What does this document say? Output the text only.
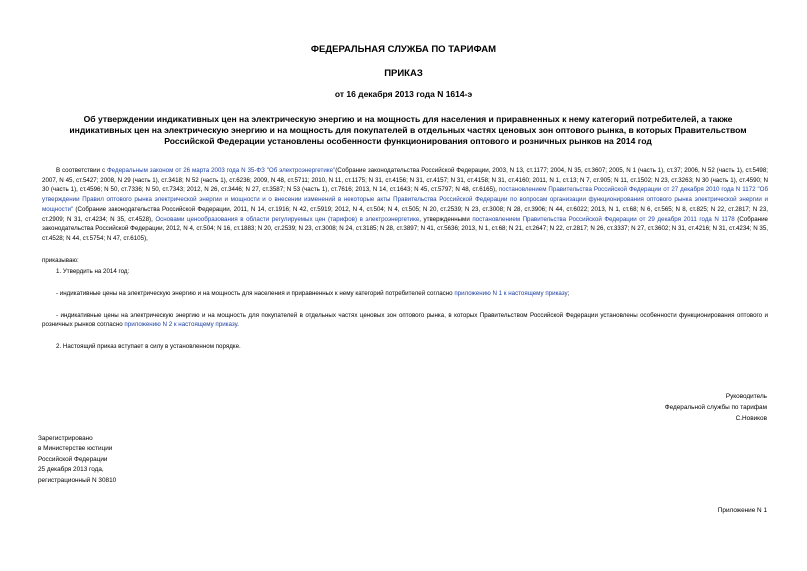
ФЕДЕРАЛЬНАЯ СЛУЖБА ПО ТАРИФАМ
ПРИКАЗ
от 16 декабря 2013 года N 1614-э
Об утверждении индикативных цен на электрическую энергию и на мощность для населения и приравненных к нему категорий потребителей, а также индикативных цен на электрическую энергию и на мощность для покупателей в отдельных частях ценовых зон оптового рынка, в которых Правительством Российской Федерации установлены особенности функционирования оптового и розничных рынков на 2014 год

В соответствии с Федеральным законом от 26 марта 2003 года N 35-ФЗ "Об электроэнергетике"(Собрание законодательства Российской Федерации, 2003, N 13, ст.1177; 2004, N 35, ст.3607; 2005, N 1 (часть 1), ст.37; 2006, N 52 (часть 1), ст.5498; 2007, N 45, ст.5427; 2008, N 29 (часть 1), ст.3418; N 52 (часть 1), ст.6236; 2009, N 48, ст.5711; 2010, N 11, ст.1175; N 31, ст.4156; N 31, ст.4157; N 31, ст.4158; N 31, ст.4160; 2011, N 1, ст.13; N 7, ст.905; N 11, ст.1502; N 23, ст.3263; N 30 (часть 1), ст.4590; N 30 (часть 1), ст.4596; N 50, ст.7336; N 50, ст.7343; 2012, N 26, ст.3446; N 27, ст.3587; N 53 (часть 1), ст.7616; 2013, N 14, ст.1643; N 45, ст.5797; N 48, ст.6165), постановлением Правительства Российской Федерации от 27 декабря 2010 года N 1172 "Об утверждении Правил оптового рынка электрической энергии и мощности и о внесении изменений в некоторые акты Правительства Российской Федерации по вопросам организации функционирования оптового рынка электрической энергии и мощности" (Собрание законодательства Российской Федерации, 2011, N 14, ст.1916; N 42, ст.5919; 2012, N 4, ст.504; N 4, ст.505; N 20, ст.2539; N 23, ст.3008; N 28, ст.3906; N 44, ст.6022; 2013, N 1, ст.68; N 6, ст.565; N 8, ст.825; N 22, ст.2817; N 23, ст.2909; N 31, ст.4234; N 35, ст.4528), Основами ценообразования в области регулируемых цен (тарифов) в электроэнергетике, утвержденными постановлением Правительства Российской Федерации от 29 декабря 2011 года N 1178 (Собрание законодательства Российской Федерации, 2012, N 4, ст.504; N 16, ст.1883; N 20, ст.2539; N 23, ст.3008; N 24, ст.3185; N 28, ст.3897; N 41, ст.5636; 2013, N 1, ст.68; N 21, ст.2647; N 22, ст.2817; N 26, ст.3337; N 27, ст.3602; N 31, ст.4216; N 31, ст.4234; N 35, ст.4528; N 44, ст.5754; N 47, ст.6105),

приказываю:

1. Утвердить на 2014 год:

- индикативные цены на электрическую энергию и на мощность для населения и приравненных к нему категорий потребителей согласно приложению N 1 к настоящему приказу;

- индикативные цены на электрическую энергию и на мощность для покупателей в отдельных частях ценовых зон оптового рынка, в которых Правительством Российской Федерации установлены особенности функционирования оптового и розничных рынков согласно приложению N 2 к настоящему приказу.

2. Настоящий приказ вступает в силу в установленном порядке.

Руководитель
Федеральной службы по тарифам
С.Новиков
Зарегистрировано
в Министерстве юстиции
Российской Федерации
25 декабря 2013 года,
регистрационный N 30810
Приложение N 1
